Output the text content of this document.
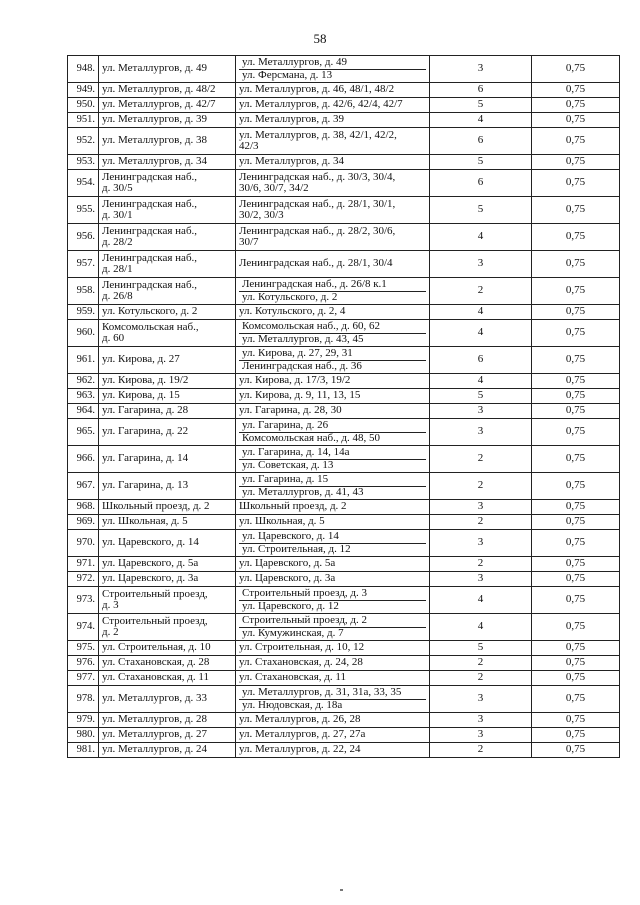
58
948.	ул. Металлургов, д. 49	ул. Металлургов, д. 49
ул. Ферсмана, д. 13	3	0,75
949.	ул. Металлургов, д. 48/2	ул. Металлургов, д. 46, 48/1, 48/2	6	0,75
950.	ул. Металлургов, д. 42/7	ул. Металлургов, д. 42/6, 42/4, 42/7	5	0,75
951.	ул. Металлургов, д. 39	ул. Металлургов, д. 39	4	0,75
952.	ул. Металлургов, д. 38	ул. Металлургов, д. 38, 42/1, 42/2,
42/3	6	0,75
953.	ул. Металлургов, д. 34	ул. Металлургов, д. 34	5	0,75
954.	Ленинградская наб.,
д. 30/5	Ленинградская наб., д. 30/3, 30/4,
30/6, 30/7, 34/2	6	0,75
955.	Ленинградская наб.,
д. 30/1	Ленинградская наб., д. 28/1, 30/1,
30/2, 30/3	5	0,75
956.	Ленинградская наб.,
д. 28/2	Ленинградская наб., д. 28/2, 30/6,
30/7	4	0,75
957.	Ленинградская наб.,
д. 28/1	Ленинградская наб., д. 28/1, 30/4	3	0,75
958.	Ленинградская наб.,
д. 26/8	Ленинградская наб., д. 26/8 к.1
ул. Котульского, д. 2	2	0,75
959.	ул. Котульского, д. 2	ул. Котульского, д. 2, 4	4	0,75
960.	Комсомольская наб.,
д. 60	Комсомольская наб., д. 60, 62
ул. Металлургов, д. 43, 45	4	0,75
961.	ул. Кирова, д. 27	ул. Кирова, д. 27, 29, 31
Ленинградская наб., д. 36	6	0,75
962.	ул. Кирова, д. 19/2	ул. Кирова, д. 17/3, 19/2	4	0,75
963.	ул. Кирова, д. 15	ул. Кирова, д. 9, 11, 13, 15	5	0,75
964.	ул. Гагарина, д. 28	ул. Гагарина, д. 28, 30	3	0,75
965.	ул. Гагарина, д. 22	ул. Гагарина, д. 26
Комсомольская наб., д. 48, 50	3	0,75
966.	ул. Гагарина, д. 14	ул. Гагарина, д. 14, 14а
ул. Советская, д. 13	2	0,75
967.	ул. Гагарина, д. 13	ул. Гагарина, д. 15
ул. Металлургов, д. 41, 43	2	0,75
968.	Школьный проезд, д. 2	Школьный проезд, д. 2	3	0,75
969.	ул. Школьная, д. 5	ул. Школьная, д. 5	2	0,75
970.	ул. Царевского, д. 14	ул. Царевского, д. 14
ул. Строительная, д. 12	3	0,75
971.	ул. Царевского, д. 5а	ул. Царевского, д. 5а	2	0,75
972.	ул. Царевского, д. 3а	ул. Царевского, д. 3а	3	0,75
973.	Строительный проезд,
д. 3	Строительный проезд, д. 3
ул. Царевского, д. 12	4	0,75
974.	Строительный проезд,
д. 2	Строительный проезд, д. 2
ул. Кумужинская, д. 7	4	0,75
975.	ул. Строительная, д. 10	ул. Строительная, д. 10, 12	5	0,75
976.	ул. Стахановская, д. 28	ул. Стахановская, д. 24, 28	2	0,75
977.	ул. Стахановская, д. 11	ул. Стахановская, д. 11	2	0,75
978.	ул. Металлургов, д. 33	ул. Металлургов, д. 31, 31а, 33, 35
ул. Нюдовская, д. 18а	3	0,75
979.	ул. Металлургов, д. 28	ул. Металлургов, д. 26, 28	3	0,75
980.	ул. Металлургов, д. 27	ул. Металлургов, д. 27, 27а	3	0,75
981.	ул. Металлургов, д. 24	ул. Металлургов, д. 22, 24	2	0,75
